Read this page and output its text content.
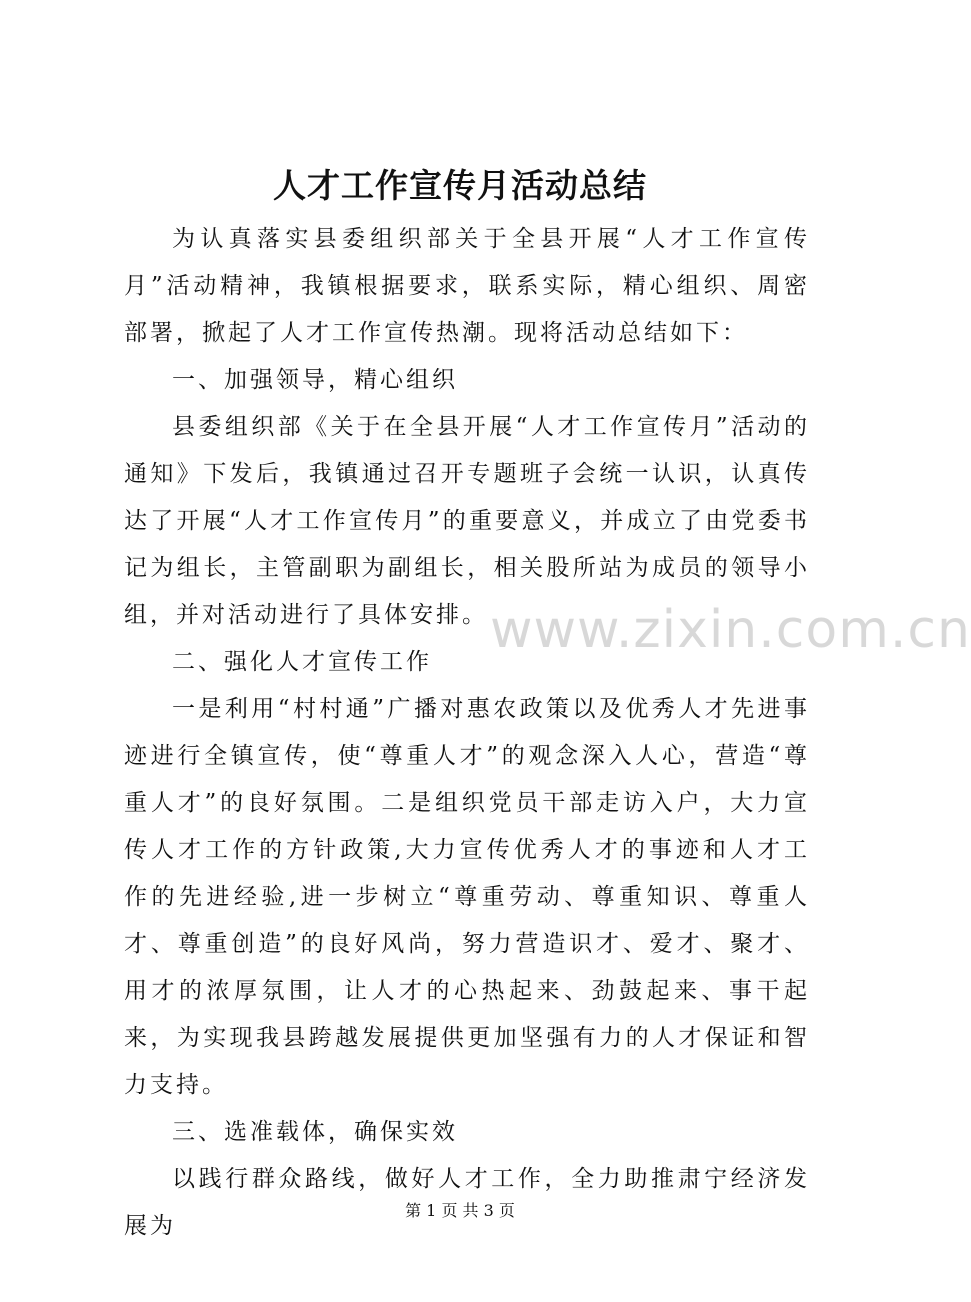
www.zixin.com.cn
人才工作宣传月活动总结

为认真落实县委组织部关于全县开展“人才工作宣传月”活动精神，我镇根据要求，联系实际，精心组织、周密部署，掀起了人才工作宣传热潮。现将活动总结如下：

一、加强领导，精心组织

县委组织部《关于在全县开展“人才工作宣传月”活动的通知》下发后，我镇通过召开专题班子会统一认识，认真传达了开展“人才工作宣传月”的重要意义，并成立了由党委书记为组长，主管副职为副组长，相关股所站为成员的领导小组，并对活动进行了具体安排。

二、强化人才宣传工作

一是利用“村村通”广播对惠农政策以及优秀人才先进事迹进行全镇宣传，使“尊重人才”的观念深入人心，营造“尊重人才”的良好氛围。二是组织党员干部走访入户，大力宣传人才工作的方针政策,大力宣传优秀人才的事迹和人才工作的先进经验,进一步树立“尊重劳动、尊重知识、尊重人才、尊重创造”的良好风尚，努力营造识才、爱才、聚才、用才的浓厚氛围，让人才的心热起来、劲鼓起来、事干起来，为实现我县跨越发展提供更加坚强有力的人才保证和智力支持。

三、选准载体，确保实效

以践行群众路线，做好人才工作，全力助推肃宁经济发展为

第 1 页 共 3 页
